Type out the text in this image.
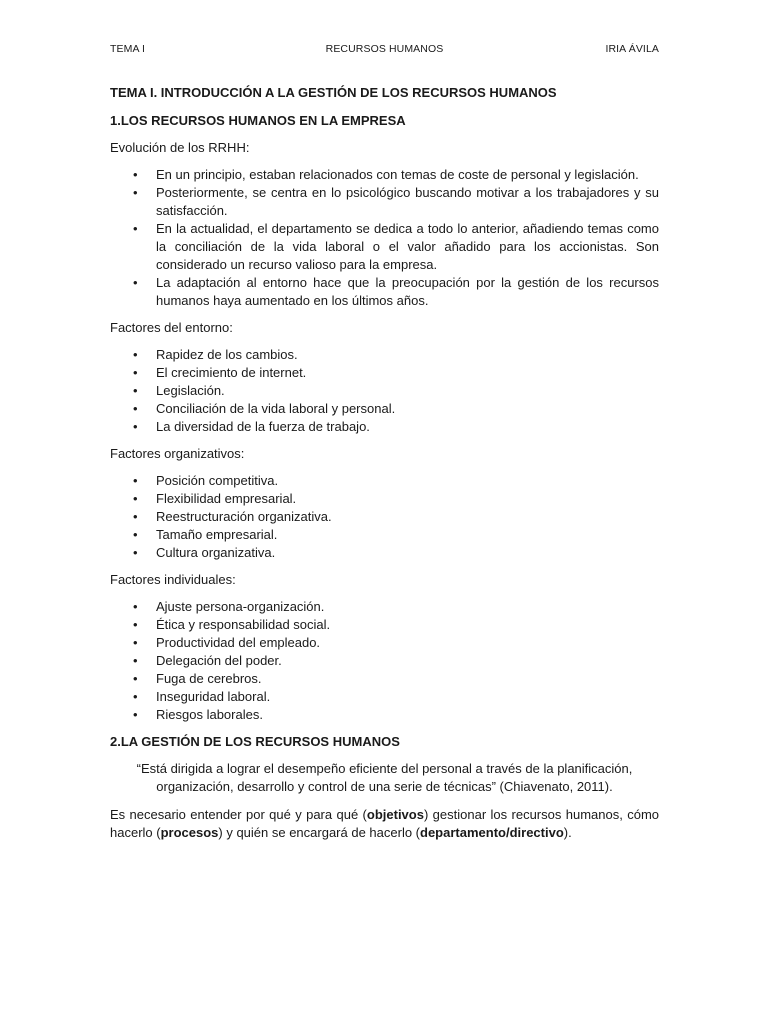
TEMA I	RECURSOS HUMANOS	IRIA ÁVILA
TEMA I. INTRODUCCIÓN A LA GESTIÓN DE LOS RECURSOS HUMANOS
1.LOS RECURSOS HUMANOS EN LA EMPRESA
Evolución de los RRHH:
• En un principio, estaban relacionados con temas de coste de personal y legislación.
• Posteriormente, se centra en lo psicológico buscando motivar a los trabajadores y su satisfacción.
• En la actualidad, el departamento se dedica a todo lo anterior, añadiendo temas como la conciliación de la vida laboral o el valor añadido para los accionistas. Son considerado un recurso valioso para la empresa.
• La adaptación al entorno hace que la preocupación por la gestión de los recursos humanos haya aumentado en los últimos años.
Factores del entorno:
• Rapidez de los cambios.
• El crecimiento de internet.
• Legislación.
• Conciliación de la vida laboral y personal.
• La diversidad de la fuerza de trabajo.
Factores organizativos:
• Posición competitiva.
• Flexibilidad empresarial.
• Reestructuración organizativa.
• Tamaño empresarial.
• Cultura organizativa.
Factores individuales:
• Ajuste persona-organización.
• Ética y responsabilidad social.
• Productividad del empleado.
• Delegación del poder.
• Fuga de cerebros.
• Inseguridad laboral.
• Riesgos laborales.
2.LA GESTIÓN DE LOS RECURSOS HUMANOS
“Está dirigida a lograr el desempeño eficiente del personal a través de la planificación, organización, desarrollo y control de una serie de técnicas” (Chiavenato, 2011).
Es necesario entender por qué y para qué (objetivos) gestionar los recursos humanos, cómo hacerlo (procesos) y quién se encargará de hacerlo (departamento/directivo).
